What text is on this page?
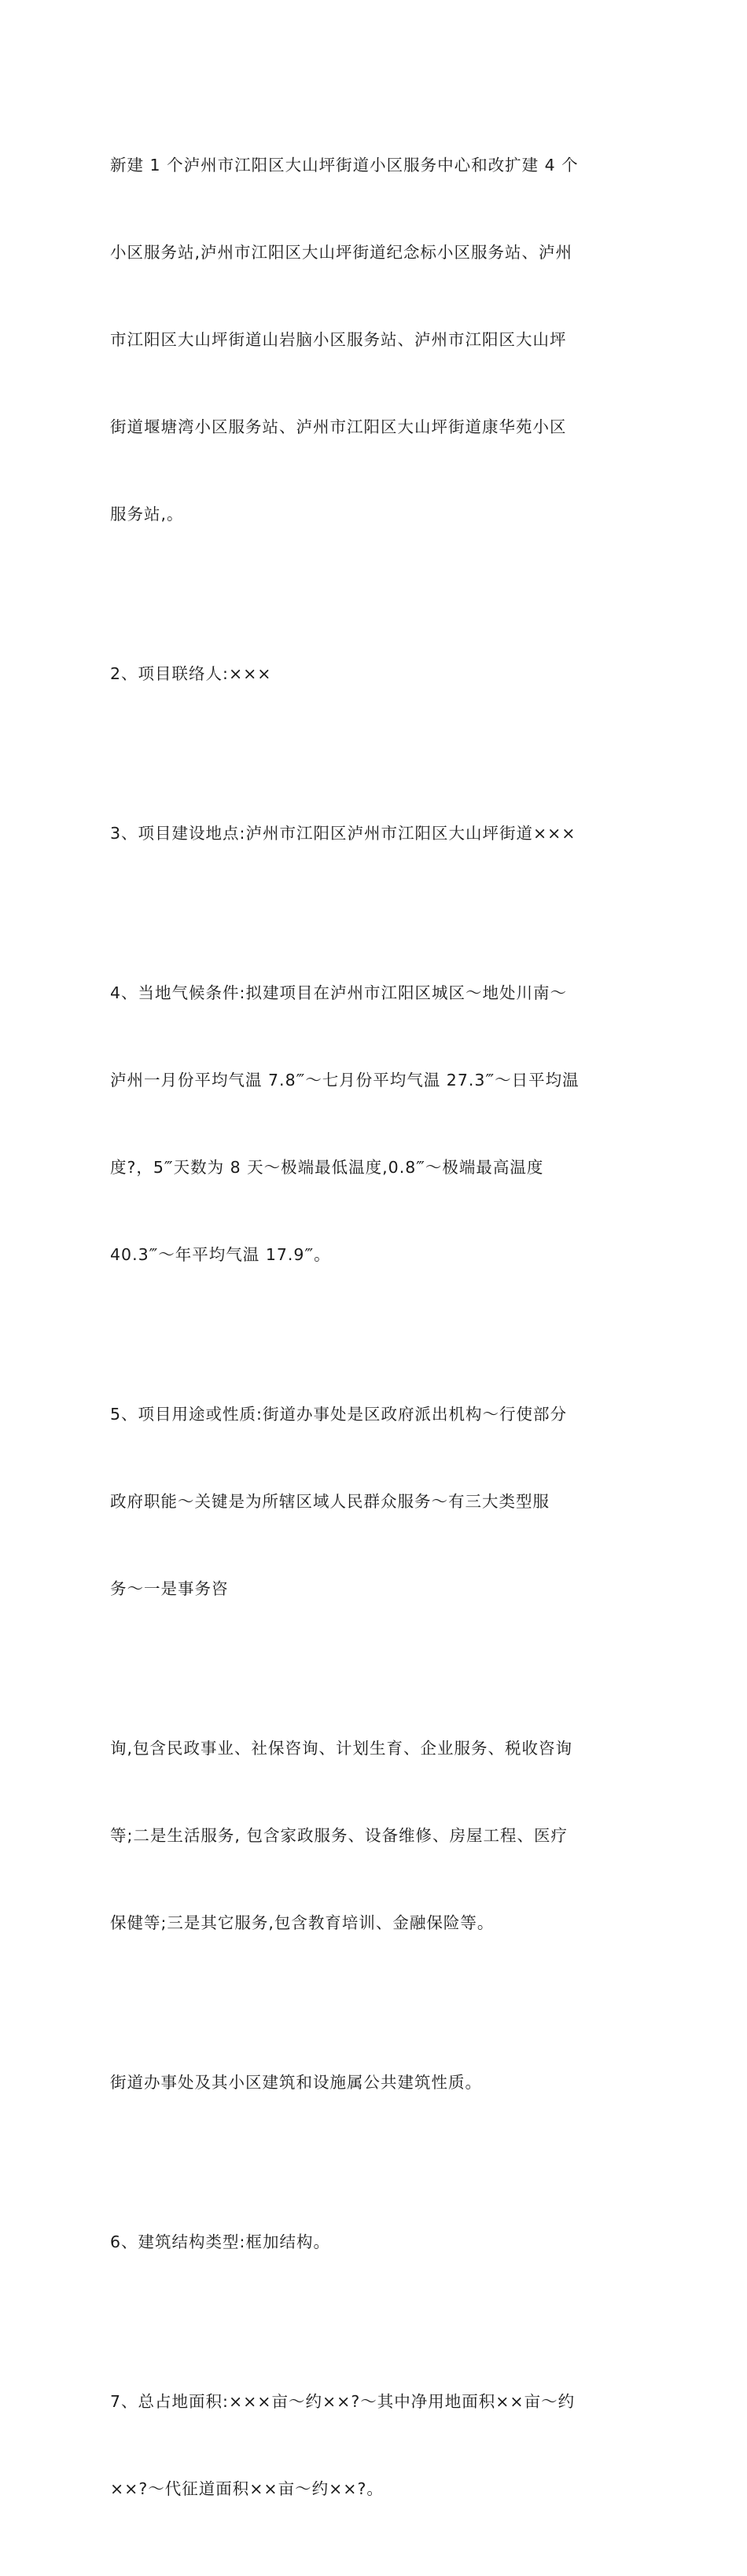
新建 1 个泸州市江阳区大山坪街道小区服务中心和改扩建 4 个

小区服务站,泸州市江阳区大山坪街道纪念标小区服务站、泸州

市江阳区大山坪街道山岩脑小区服务站、泸州市江阳区大山坪

街道堰塘湾小区服务站、泸州市江阳区大山坪街道康华苑小区

服务站,。

2、项目联络人:×××

3、项目建设地点:泸州市江阳区泸州市江阳区大山坪街道×××

4、当地气候条件:拟建项目在泸州市江阳区城区～地处川南～

泸州一月份平均气温 7.8‴～七月份平均气温 27.3‴～日平均温

度?，5‴天数为 8 天～极端最低温度,0.8‴～极端最高温度

40.3‴～年平均气温 17.9‴。

5、项目用途或性质:街道办事处是区政府派出机构～行使部分

政府职能～关键是为所辖区域人民群众服务～有三大类型服

务～一是事务咨

询,包含民政事业、社保咨询、计划生育、企业服务、税收咨询

等;二是生活服务, 包含家政服务、设备维修、房屋工程、医疗

保健等;三是其它服务,包含教育培训、金融保险等。

街道办事处及其小区建筑和设施属公共建筑性质。

6、建筑结构类型:框加结构。

7、总占地面积:×××亩～约××?～其中净用地面积××亩～约

××?～代征道面积××亩～约××?。
